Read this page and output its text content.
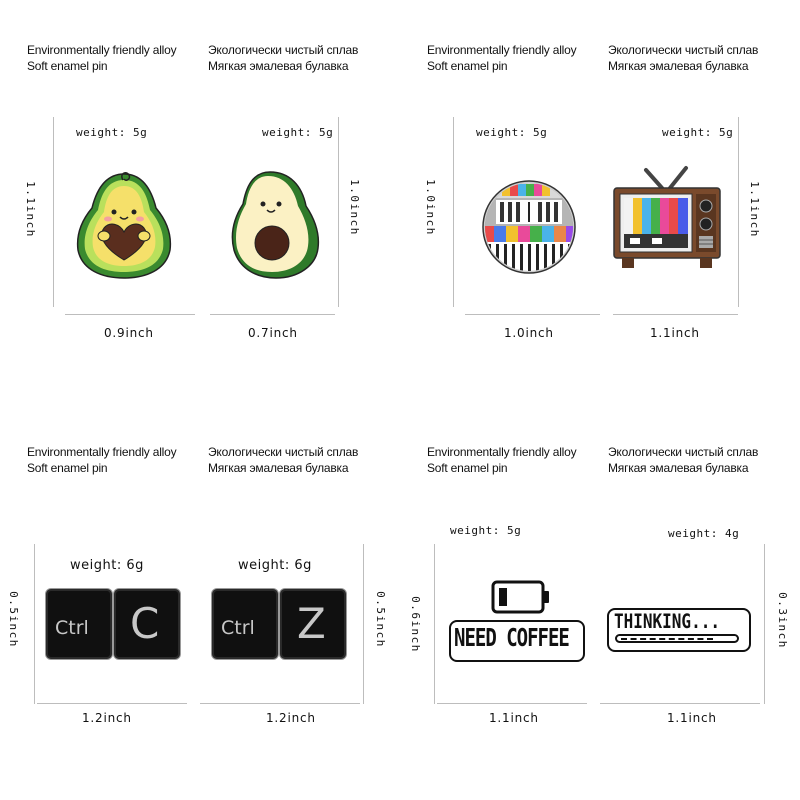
Environmentally friendly alloy
Soft enamel pin
Экологически чистый сплав
Мягкая эмалевая булавка
weight: 5g	weight: 5g
1.1inch	1.0inch
0.9inch	0.7inch
Environmentally friendly alloy
Soft enamel pin
Экологически чистый сплав
Мягкая эмалевая булавка
weight: 5g	weight: 5g
1.0inch	1.1inch
1.0inch	1.1inch
Environmentally friendly alloy
Soft enamel pin
Экологически чистый сплав
Мягкая эмалевая булавка
weight: 6g	weight: 6g
0.5inch	0.5inch
1.2inch	1.2inch
Ctrl C	Ctrl Z
Environmentally friendly alloy
Soft enamel pin
Экологически чистый сплав
Мягкая эмалевая булавка
weight: 5g	weight: 4g
0.6inch	0.3inch
1.1inch	1.1inch
NEED COFFEE
THINKING...
